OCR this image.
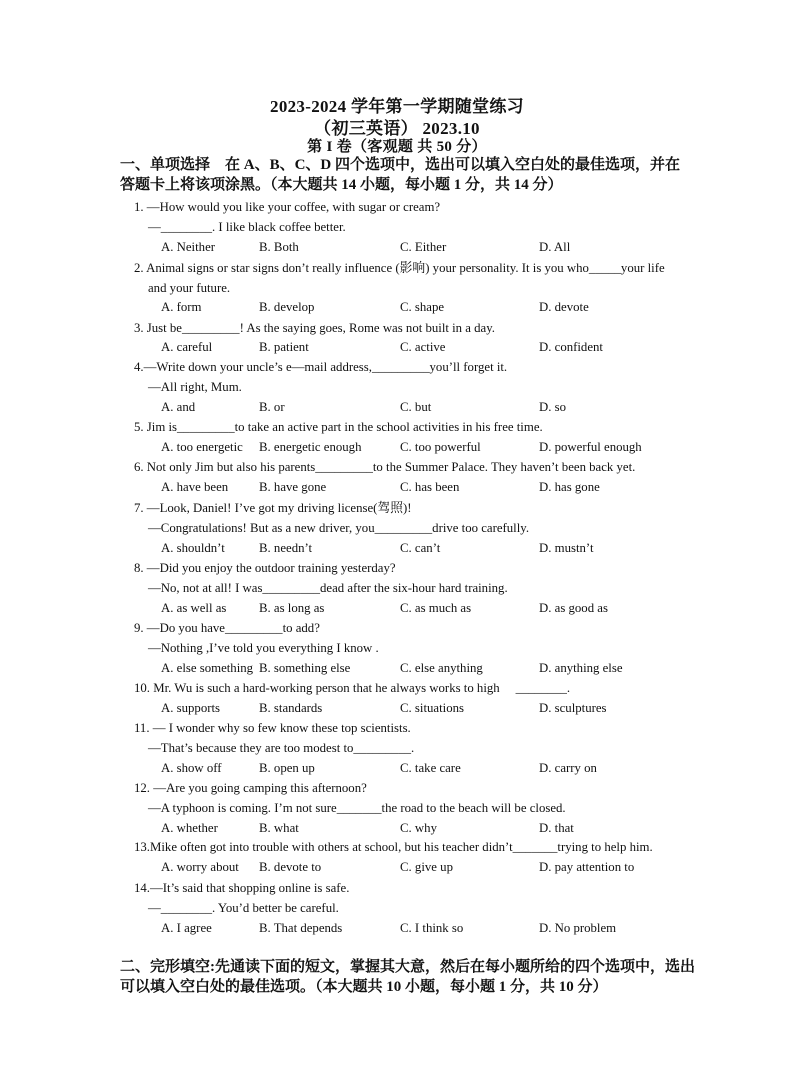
2023-2024 学年第一学期随堂练习
（初三英语） 2023.10
第 I 卷（客观题 共 50 分）
一、单项选择　在 A、B、C、D 四个选项中，选出可以填入空白处的最佳选项，并在
答题卡上将该项涂黑。（本大题共 14 小题，每小题 1 分，共 14 分）
1. —How would you like your coffee, with sugar or cream?
—________. I like black coffee better.
A. Neither	B. Both	C. Either	D. All
2. Animal signs or star signs don’t really influence (影响) your personality. It is you who_____your life
and your future.
A. form	B. develop	C. shape	D. devote
3. Just be_________! As the saying goes, Rome was not built in a day.
A. careful	B. patient	C. active	D. confident
4.—Write down your uncle’s e—mail address,_________you’ll forget it.
—All right, Mum.
A. and	B. or	C. but	D. so
5. Jim is_________to take an active part in the school activities in his free time.
A. too energetic B. energetic enough	C. too powerful	D. powerful enough
6. Not only Jim but also his parents_________to the Summer Palace. They haven’t been back yet.
A. have been B. have gone	C. has been	D. has gone
7. —Look, Daniel! I’ve got my driving license(驾照)!
—Congratulations! But as a new driver, you_________drive too carefully.
A. shouldn’t	B. needn’t	C. can’t	D. mustn’t
8. —Did you enjoy the outdoor training yesterday?
—No, not at all! I was_________dead after the six-hour hard training.
A. as well as	B. as long as	C. as much as	D. as good as
9. —Do you have_________to add?
—Nothing ,I’ve told you everything I know .
A. else something B. something else	C. else anything	D. anything else
10. Mr. Wu is such a hard-working person that he always works to high　 ________.
A. supports	B. standards	C. situations	D. sculptures
11. — I wonder why so few know these top scientists.
—That’s because they are too modest to_________.
A. show off	B. open up	C. take care	D. carry on
12. —Are you going camping this afternoon?
—A typhoon is coming. I’m not sure_______the road to the beach will be closed.
A. whether	B. what	C. why	D. that
13.Mike often got into trouble with others at school, but his teacher didn’t_______trying to help him.
A. worry about B. devote to	C. give up	D. pay attention to
14.—It’s said that shopping online is safe.
—________. You’d better be careful.
A. I agree	B. That depends	C. I think so	D. No problem
二、完形填空:先通读下面的短文，掌握其大意，然后在每小题所给的四个选项中，选出
可以填入空白处的最佳选项。（本大题共 10 小题，每小题 1 分，共 10 分）
